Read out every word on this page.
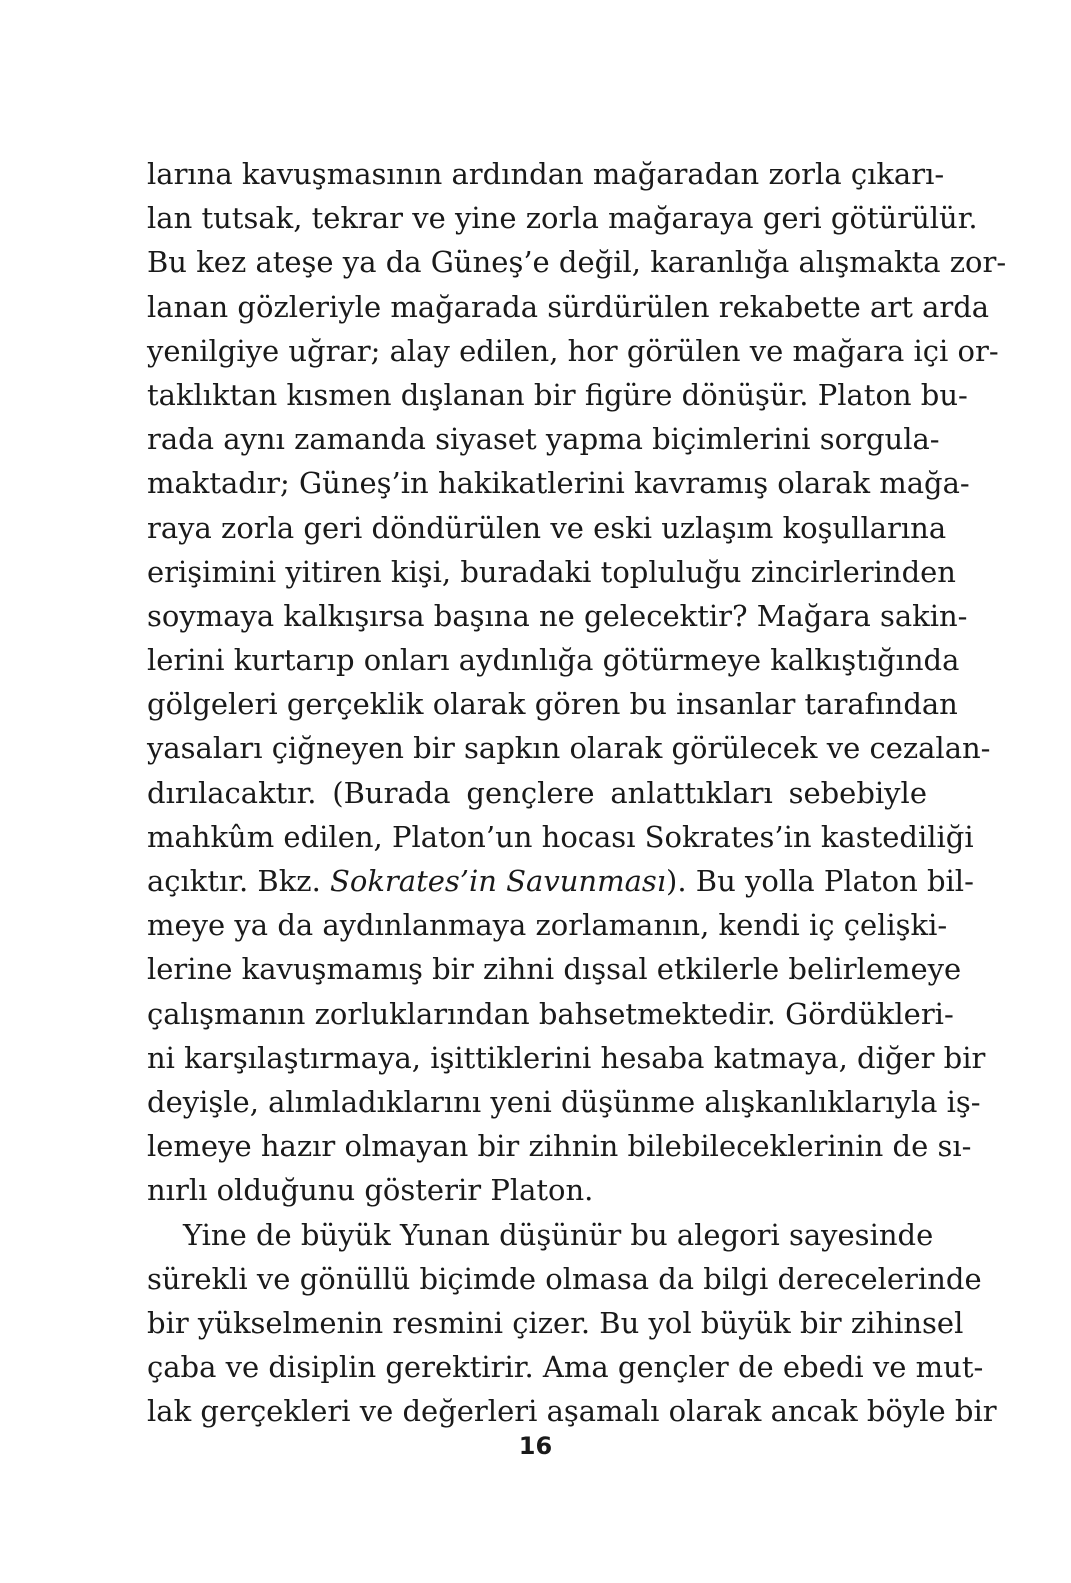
larına kavuşmasının ardından mağaradan zorla çıkarı-
lan tutsak, tekrar ve yine zorla mağaraya geri götürülür.
Bu kez ateşe ya da Güneş’e değil, karanlığa alışmakta zor-
lanan gözleriyle mağarada sürdürülen rekabette art arda
yenilgiye uğrar; alay edilen, hor görülen ve mağara içi or-
taklıktan kısmen dışlanan bir figüre dönüşür. Platon bu-
rada aynı zamanda siyaset yapma biçimlerini sorgula-
maktadır; Güneş’in hakikatlerini kavramış olarak mağa-
raya zorla geri döndürülen ve eski uzlaşım koşullarına
erişimini yitiren kişi, buradaki topluluğu zincirlerinden
soymaya kalkışırsa başına ne gelecektir? Mağara sakin-
lerini kurtarıp onları aydınlığa götürmeye kalkıştığında
gölgeleri gerçeklik olarak gören bu insanlar tarafından
yasaları çiğneyen bir sapkın olarak görülecek ve cezalan-
dırılacaktır. (Burada gençlere anlattıkları sebebiyle
mahkûm edilen, Platon’un hocası Sokrates’in kastediliği
açıktır. Bkz. Sokrates’in Savunması). Bu yolla Platon bil-
meye ya da aydınlanmaya zorlamanın, kendi iç çelişki-
lerine kavuşmamış bir zihni dışsal etkilerle belirlemeye
çalışmanın zorluklarından bahsetmektedir. Gördükleri-
ni karşılaştırmaya, işittiklerini hesaba katmaya, diğer bir
deyişle, alımladıklarını yeni düşünme alışkanlıklarıyla iş-
lemeye hazır olmayan bir zihnin bilebileceklerinin de sı-
nırlı olduğunu gösterir Platon.
Yine de büyük Yunan düşünür bu alegori sayesinde
sürekli ve gönüllü biçimde olmasa da bilgi derecelerinde
bir yükselmenin resmini çizer. Bu yol büyük bir zihinsel
çaba ve disiplin gerektirir. Ama gençler de ebedi ve mut-
lak gerçekleri ve değerleri aşamalı olarak ancak böyle bir
16
